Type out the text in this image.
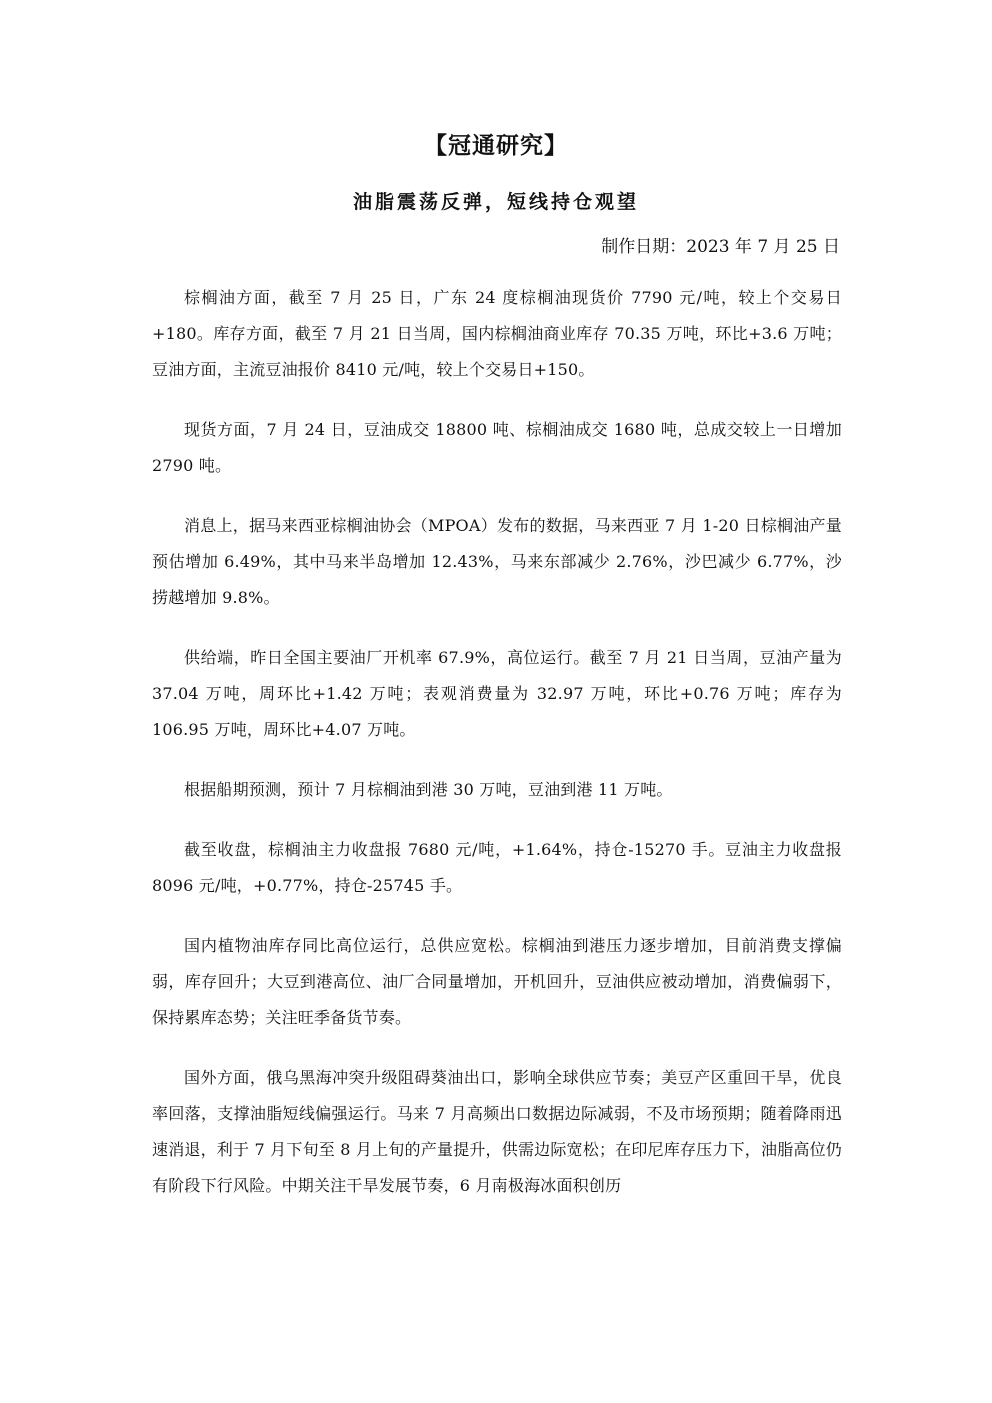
【冠通研究】
油脂震荡反弹，短线持仓观望
制作日期：2023 年 7 月 25 日

棕榈油方面，截至 7 月 25 日，广东 24 度棕榈油现货价 7790 元/吨，较上个交易日+180。库存方面，截至 7 月 21 日当周，国内棕榈油商业库存 70.35 万吨，环比+3.6 万吨；豆油方面，主流豆油报价 8410 元/吨，较上个交易日+150。

现货方面，7 月 24 日，豆油成交 18800 吨、棕榈油成交 1680 吨，总成交较上一日增加 2790 吨。

消息上，据马来西亚棕榈油协会（MPOA）发布的数据，马来西亚 7 月 1-20 日棕榈油产量预估增加 6.49%，其中马来半岛增加 12.43%，马来东部减少 2.76%，沙巴减少 6.77%，沙捞越增加 9.8%。

供给端，昨日全国主要油厂开机率 67.9%，高位运行。截至 7 月 21 日当周，豆油产量为 37.04 万吨，周环比+1.42 万吨；表观消费量为 32.97 万吨，环比+0.76 万吨；库存为 106.95 万吨，周环比+4.07 万吨。

根据船期预测，预计 7 月棕榈油到港 30 万吨，豆油到港 11 万吨。

截至收盘，棕榈油主力收盘报 7680 元/吨，+1.64%，持仓-15270 手。豆油主力收盘报 8096 元/吨，+0.77%，持仓-25745 手。

国内植物油库存同比高位运行，总供应宽松。棕榈油到港压力逐步增加，目前消费支撑偏弱，库存回升；大豆到港高位、油厂合同量增加，开机回升，豆油供应被动增加，消费偏弱下，保持累库态势；关注旺季备货节奏。

国外方面，俄乌黑海冲突升级阻碍葵油出口，影响全球供应节奏；美豆产区重回干旱，优良率回落，支撑油脂短线偏强运行。马来 7 月高频出口数据边际减弱，不及市场预期；随着降雨迅速消退，利于 7 月下旬至 8 月上旬的产量提升，供需边际宽松；在印尼库存压力下，油脂高位仍有阶段下行风险。中期关注干旱发展节奏，6 月南极海冰面积创历
